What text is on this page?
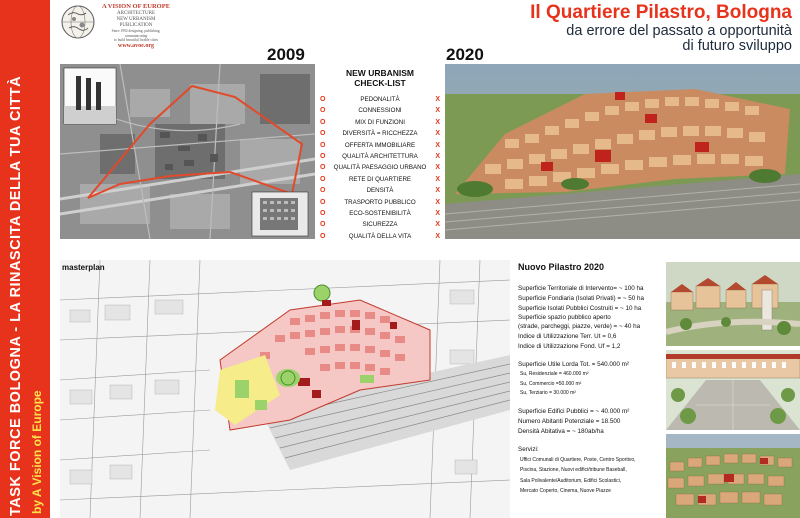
TASK FORCE BOLOGNA - LA RINASCITA DELLA TUA CITTÀ by A Vision of Europe
A VISION OF EUROPE
ARCHITECTURE
NEW URBANISM
PUBLICATION
Since 1992 designing, publishing, communicating
to build beautiful livable cities
www.avoe.org
Il Quartiere Pilastro, Bologna
da errore del passato a opportunità
di futuro sviluppo
2009	2020
NEW URBANISM
CHECK-LIST
O	PEDONALITÀ	X
O	CONNESSIONI	X
O	MIX DI FUNZIONI	X
O	DIVERSITÀ = RICCHEZZA	X
O	OFFERTA IMMOBILIARE	X
O	QUALITÀ ARCHITETTURA	X
O QUALITÀ PAESAGGIO URBANO X
O	RETE DI QUARTIERE	X
O	DENSITÀ	X
O	TRASPORTO PUBBLICO	X
O	ECO-SOSTENIBILITÀ	X
O	SICUREZZA	X
O	QUALITÀ DELLA VITA	X
masterplan	Nuovo Pilastro 2020
Superficie Territoriale di Intervento= ~ 100 ha
Superficie Fondiaria (Isolati Privati) = ~ 50 ha
Superficie Isolati Pubblici Costruiti = ~ 10 ha
Superficie spazio pubblico aperto
(strade, parcheggi, piazze, verde) = ~ 40 ha
Indice di Utilizzazione Terr. Ut = 0,6
Indice di Utilizzazione Fond. Uf = 1,2
Superficie Utile Lorda Tot. = 540.000 m²
Su, Residenziale = 460.000 m²
Su, Commercio =50.000 m²
Su, Terziario = 30.000 m²
Superficie Edifici Pubblici = ~ 40.000 m²
Numero Abitanti Potenziale = 18.500
Densità Abitativa = ~ 180ab/ha
Servizi:
Uffici Comunali di Quartiere, Poste, Centro Sportivo,
Piscina, Stazione, Nuovi edifici/tribune Baseball,
Sala Polivalente/Auditorium, Edifici Scolastici,
Mercato Coperto, Cinema, Nuove Piazze
